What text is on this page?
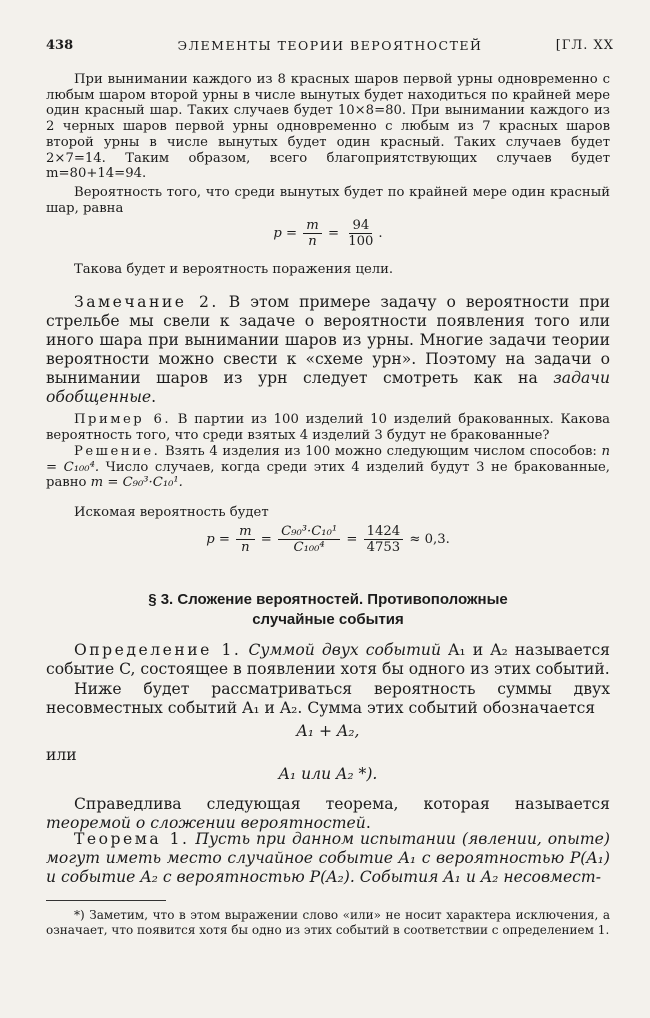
438	ЭЛЕМЕНТЫ ТЕОРИИ ВЕРОЯТНОСТЕЙ	[ГЛ. XX

При вынимании каждого из 8 красных шаров первой урны одновременно с любым шаром второй урны в числе вынутых будет находиться по крайней мере один красный шар. Таких случаев будет 10×8=80. При вынимании каждого из 2 черных шаров первой урны одновременно с любым из 7 красных шаров второй урны в числе вынутых будет один красный. Таких случаев будет 2×7=14. Таким образом, всего благоприятствующих случаев будет m=80+14=94.

Вероятность того, что среди вынутых будет по крайней мере один красный шар, равна

$p = \frac{m}{n} = \frac{94}{100}$ .

Такова будет и вероятность поражения цели.

Замечание 2. В этом примере задачу о вероятности при стрельбе мы свели к задаче о вероятности появления того или иного шара при вынимании шаров из урны. Многие задачи теории вероятности можно свести к «схеме урн». Поэтому на задачи о вынимании шаров из урн следует смотреть как на задачи обобщенные.

Пример 6. В партии из 100 изделий 10 изделий бракованных. Какова вероятность того, что среди взятых 4 изделий 3 будут не бракованные?

Решение. Взять 4 изделия из 100 можно следующим числом способов: n = C₁₀₀⁴. Число случаев, когда среди этих 4 изделий будут 3 не бракованные, равно m = C₉₀³·C₁₀¹.

Искомая вероятность будет

$p = \frac{m}{n} = \frac{\text{C₉₀³·C₁₀¹}}{\text{C₁₀₀⁴}} = \frac{1424}{4753} \approx 0,3$.
§ 3. Сложение вероятностей. Противоположные
случайные события

Определение 1. Суммой двух событий A₁ и A₂ называется событие C, состоящее в появлении хотя бы одного из этих событий.

Ниже будет рассматриваться вероятность суммы двух несовместных событий A₁ и A₂. Сумма этих событий обозначается

A₁ + A₂,
или
A₁ или A₂ *).

Справедлива следующая теорема, которая называется теоремой о сложении вероятностей.

Теорема 1. Пусть при данном испытании (явлении, опыте) могут иметь место случайное событие A₁ с вероятностью P(A₁) и событие A₂ с вероятностью P(A₂). События A₁ и A₂ несовмест-

*) Заметим, что в этом выражении слово «или» не носит характера исключения, а означает, что появится хотя бы одно из этих событий в соответствии с определением 1.
